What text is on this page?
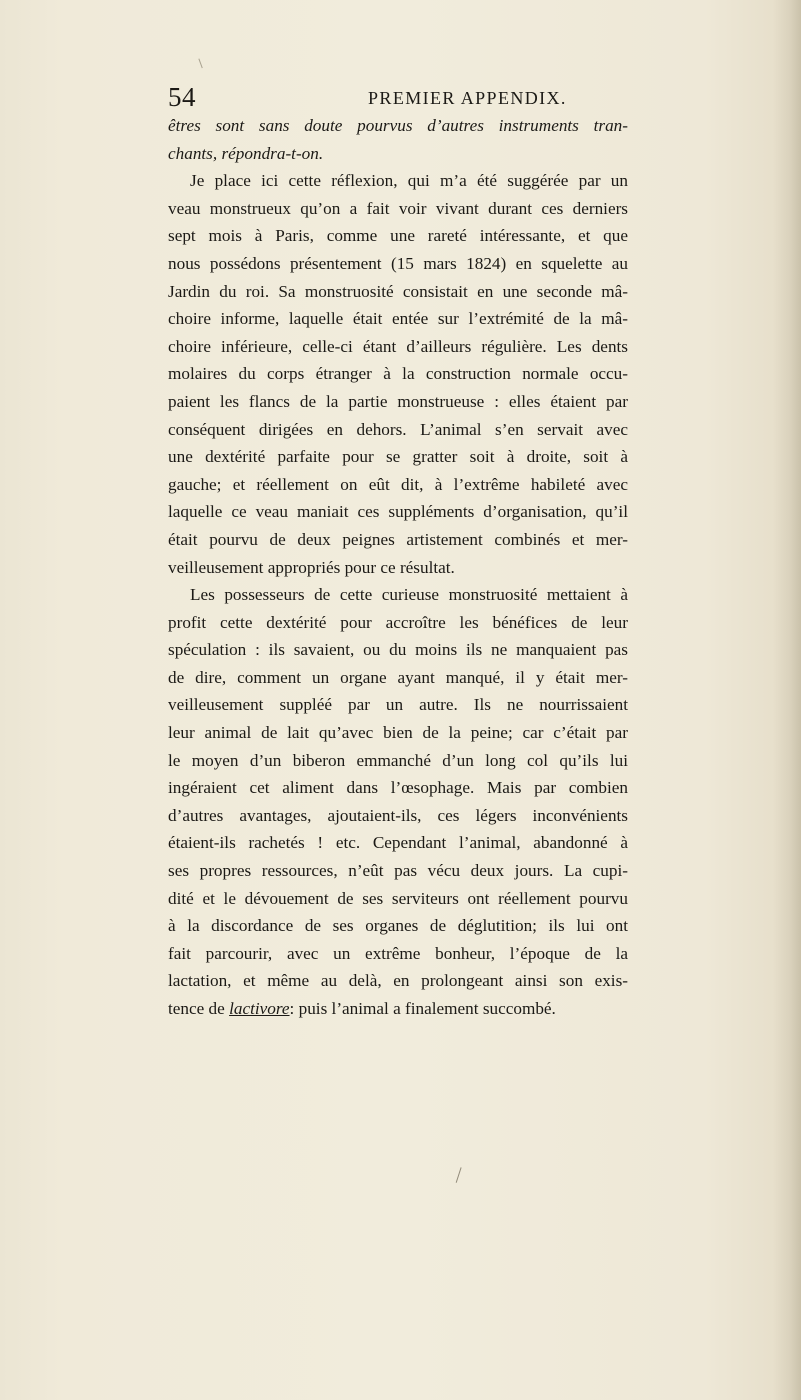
54	PREMIER APPENDIX.
êtres sont sans doute pourvus d’autres instruments tran-
chants, répondra-t-on.
Je place ici cette réflexion, qui m’a été suggérée par un
veau monstrueux qu’on a fait voir vivant durant ces derniers
sept mois à Paris, comme une rareté intéressante, et que
nous possédons présentement (15 mars 1824) en squelette au
Jardin du roi. Sa monstruosité consistait en une seconde mâ-
choire informe, laquelle était entée sur l’extrémité de la mâ-
choire inférieure, celle-ci étant d’ailleurs régulière. Les dents
molaires du corps étranger à la construction normale occu-
paient les flancs de la partie monstrueuse : elles étaient par
conséquent dirigées en dehors. L’animal s’en servait avec
une dextérité parfaite pour se gratter soit à droite, soit à
gauche; et réellement on eût dit, à l’extrême habileté avec
laquelle ce veau maniait ces suppléments d’organisation, qu’il
était pourvu de deux peignes artistement combinés et mer-
veilleusement appropriés pour ce résultat.
Les possesseurs de cette curieuse monstruosité mettaient à
profit cette dextérité pour accroître les bénéfices de leur
spéculation : ils savaient, ou du moins ils ne manquaient pas
de dire, comment un organe ayant manqué, il y était mer-
veilleusement suppléé par un autre. Ils ne nourrissaient
leur animal de lait qu’avec bien de la peine; car c’était par
le moyen d’un biberon emmanché d’un long col qu’ils lui
ingéraient cet aliment dans l’œsophage. Mais par combien
d’autres avantages, ajoutaient-ils, ces légers inconvénients
étaient-ils rachetés ! etc. Cependant l’animal, abandonné à
ses propres ressources, n’eût pas vécu deux jours. La cupi-
dité et le dévouement de ses serviteurs ont réellement pourvu
à la discordance de ses organes de déglutition; ils lui ont
fait parcourir, avec un extrême bonheur, l’époque de la
lactation, et même au delà, en prolongeant ainsi son exis-
tence de lactivore: puis l’animal a finalement succombé.
